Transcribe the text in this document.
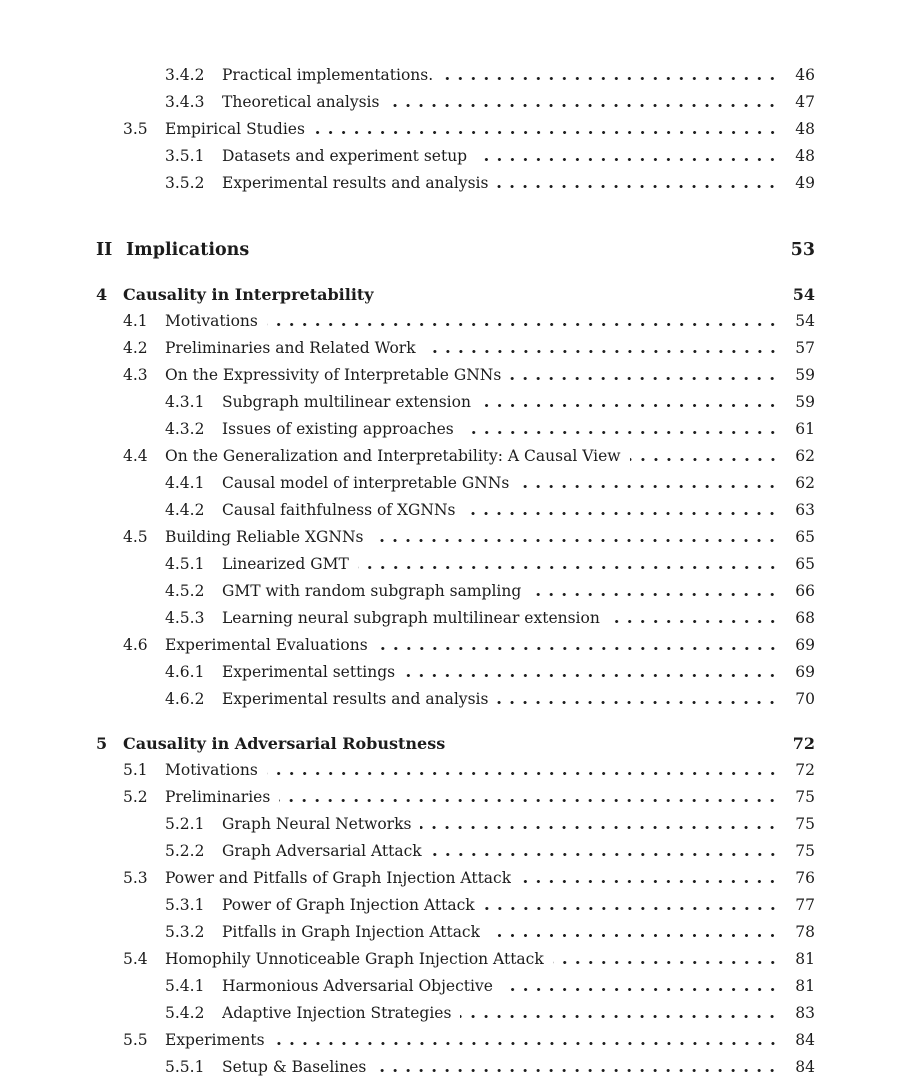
3.4.2	Practical implementations.	46
3.4.3	Theoretical analysis	47
3.5	Empirical Studies	48
3.5.1	Datasets and experiment setup	48
3.5.2	Experimental results and analysis	49
II Implications	53
4 Causality in Interpretability	54
4.1	Motivations	54
4.2	Preliminaries and Related Work	57
4.3	On the Expressivity of Interpretable GNNs	59
4.3.1	Subgraph multilinear extension	59
4.3.2	Issues of existing approaches	61
4.4	On the Generalization and Interpretability: A Causal View	62
4.4.1	Causal model of interpretable GNNs	62
4.4.2	Causal faithfulness of XGNNs	63
4.5	Building Reliable XGNNs	65
4.5.1	Linearized GMT	65
4.5.2	GMT with random subgraph sampling	66
4.5.3	Learning neural subgraph multilinear extension	68
4.6	Experimental Evaluations	69
4.6.1	Experimental settings	69
4.6.2	Experimental results and analysis	70
5 Causality in Adversarial Robustness	72
5.1	Motivations	72
5.2	Preliminaries	75
5.2.1	Graph Neural Networks	75
5.2.2	Graph Adversarial Attack	75
5.3	Power and Pitfalls of Graph Injection Attack	76
5.3.1	Power of Graph Injection Attack	77
5.3.2	Pitfalls in Graph Injection Attack	78
5.4	Homophily Unnoticeable Graph Injection Attack	81
5.4.1	Harmonious Adversarial Objective	81
5.4.2	Adaptive Injection Strategies	83
5.5	Experiments	84
5.5.1	Setup & Baselines	84
